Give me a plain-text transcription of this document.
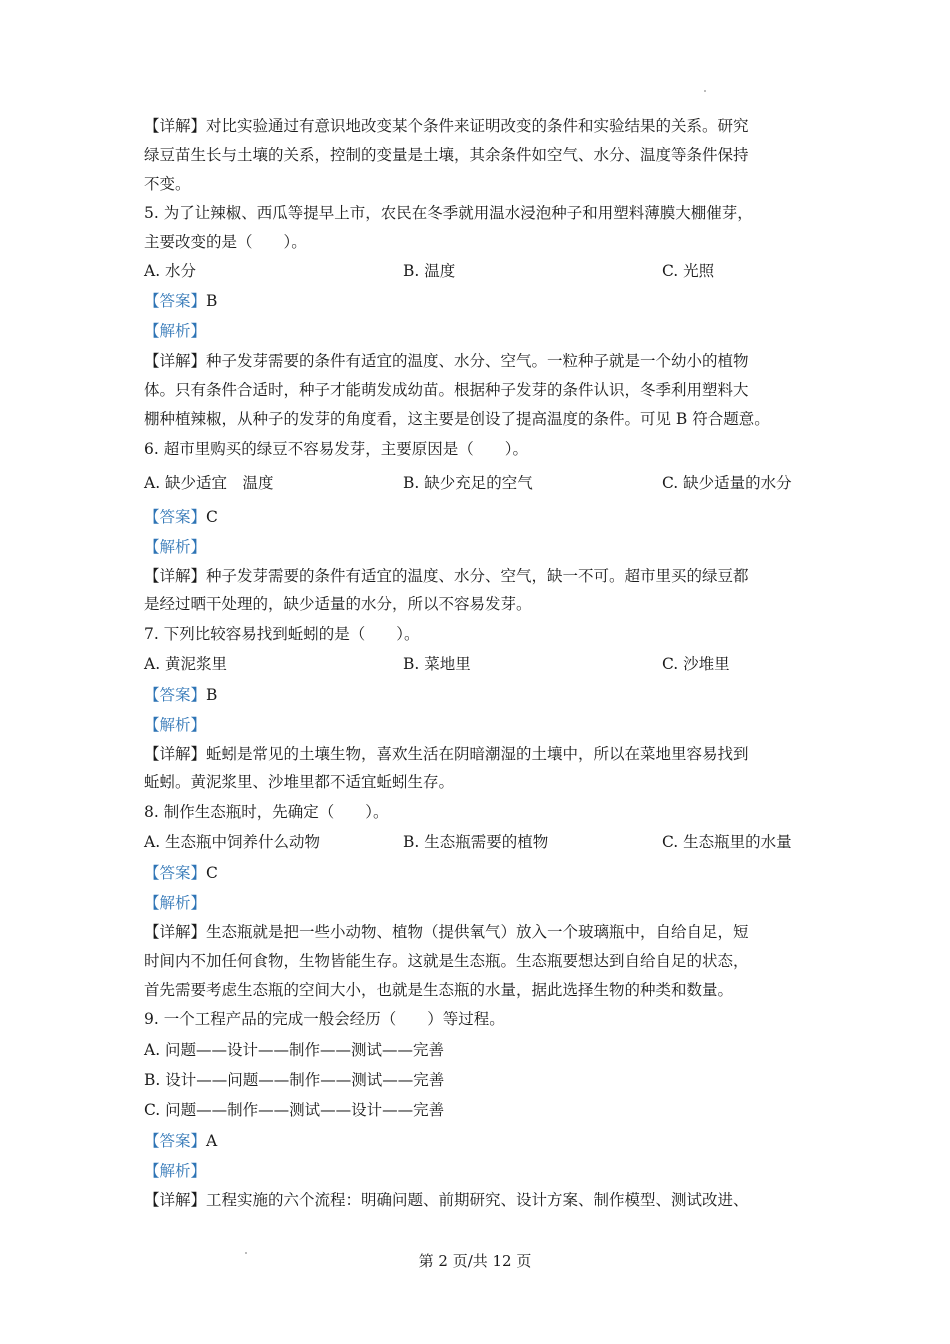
【详解】对比实验通过有意识地改变某个条件来证明改变的条件和实验结果的关系。研究
绿豆苗生长与土壤的关系，控制的变量是土壤，其余条件如空气、水分、温度等条件保持
不变。
5. 为了让辣椒、西瓜等提早上市，农民在冬季就用温水浸泡种子和用塑料薄膜大棚催芽，
主要改变的是（　　）。
A. 水分	B. 温度	C. 光照
【答案】B
【解析】
【详解】种子发芽需要的条件有适宜的温度、水分、空气。一粒种子就是一个幼小的植物
体。只有条件合适时，种子才能萌发成幼苗。根据种子发芽的条件认识，冬季利用塑料大
棚种植辣椒，从种子的发芽的角度看，这主要是创设了提高温度的条件。可见 B 符合题意。
6. 超市里购买的绿豆不容易发芽，主要原因是（　　）。
A. 缺少适宜　温度	B. 缺少充足的空气	C. 缺少适量的水分
【答案】C
【解析】
【详解】种子发芽需要的条件有适宜的温度、水分、空气，缺一不可。超市里买的绿豆都
是经过晒干处理的，缺少适量的水分，所以不容易发芽。
7. 下列比较容易找到蚯蚓的是（　　）。
A. 黄泥浆里	B. 菜地里	C. 沙堆里
【答案】B
【解析】
【详解】蚯蚓是常见的土壤生物，喜欢生活在阴暗潮湿的土壤中，所以在菜地里容易找到
蚯蚓。黄泥浆里、沙堆里都不适宜蚯蚓生存。
8. 制作生态瓶时，先确定（　　）。
A. 生态瓶中饲养什么动物	B. 生态瓶需要的植物	C. 生态瓶里的水量
【答案】C
【解析】
【详解】生态瓶就是把一些小动物、植物（提供氧气）放入一个玻璃瓶中，自给自足，短
时间内不加任何食物，生物皆能生存。这就是生态瓶。生态瓶要想达到自给自足的状态，
首先需要考虑生态瓶的空间大小，也就是生态瓶的水量，据此选择生物的种类和数量。
9. 一个工程产品的完成一般会经历（　　）等过程。
A. 问题——设计——制作——测试——完善
B. 设计——问题——制作——测试——完善
C. 问题——制作——测试——设计——完善
【答案】A
【解析】
【详解】工程实施的六个流程：明确问题、前期研究、设计方案、制作模型、测试改进、
第 2 页/共 12 页
